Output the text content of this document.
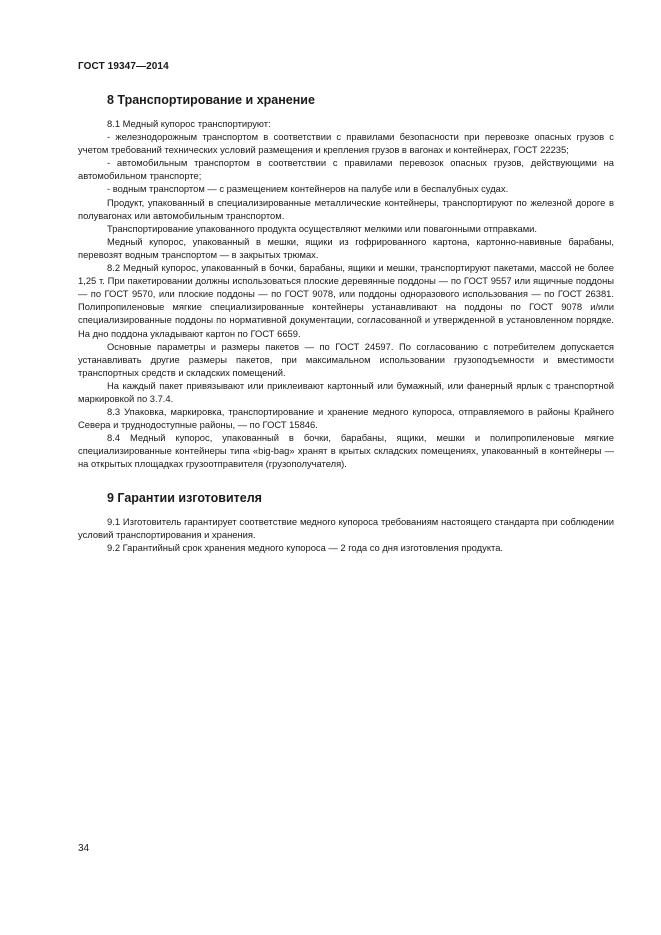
ГОСТ 19347—2014
8 Транспортирование и хранение

8.1 Медный купорос транспортируют:

- железнодорожным транспортом в соответствии с правилами безопасности при перевозке опасных грузов с учетом требований технических условий размещения и крепления грузов в вагонах и контейнерах, ГОСТ 22235;

- автомобильным транспортом в соответствии с правилами перевозок опасных грузов, действующими на автомобильном транспорте;

- водным транспортом — с размещением контейнеров на палубе или в беспалубных судах.

Продукт, упакованный в специализированные металлические контейнеры, транспортируют по железной дороге в полувагонах или автомобильным транспортом.

Транспортирование упакованного продукта осуществляют мелкими или повагонными отправками.

Медный купорос, упакованный в мешки, ящики из гофрированного картона, картонно-навивные барабаны, перевозят водным транспортом — в закрытых трюмах.

8.2 Медный купорос, упакованный в бочки, барабаны, ящики и мешки, транспортируют пакетами, массой не более 1,25 т. При пакетировании должны использоваться плоские деревянные поддоны — по ГОСТ 9557 или ящичные поддоны — по ГОСТ 9570, или плоские поддоны — по ГОСТ 9078, или поддоны одноразового использования — по ГОСТ 26381. Полипропиленовые мягкие специализированные контейнеры устанавливают на поддоны по ГОСТ 9078 и/или специализированные поддоны по нормативной документации, согласованной и утвержденной в установленном порядке. На дно поддона укладывают картон по ГОСТ 6659.

Основные параметры и размеры пакетов — по ГОСТ 24597. По согласованию с потребителем допускается устанавливать другие размеры пакетов, при максимальном использовании грузоподъемности и вместимости транспортных средств и складских помещений.

На каждый пакет привязывают или приклеивают картонный или бумажный, или фанерный ярлык с транспортной маркировкой по 3.7.4.

8.3 Упаковка, маркировка, транспортирование и хранение медного купороса, отправляемого в районы Крайнего Севера и труднодоступные районы, — по ГОСТ 15846.

8.4 Медный купорос, упакованный в бочки, барабаны, ящики, мешки и полипропиленовые мягкие специализированные контейнеры типа «big-bag» хранят в крытых складских помещениях, упакованный в контейнеры — на открытых площадках грузоотправителя (грузополучателя).

9 Гарантии изготовителя

9.1 Изготовитель гарантирует соответствие медного купороса требованиям настоящего стандарта при соблюдении условий транспортирования и хранения.

9.2 Гарантийный срок хранения медного купороса — 2 года со дня изготовления продукта.

34
